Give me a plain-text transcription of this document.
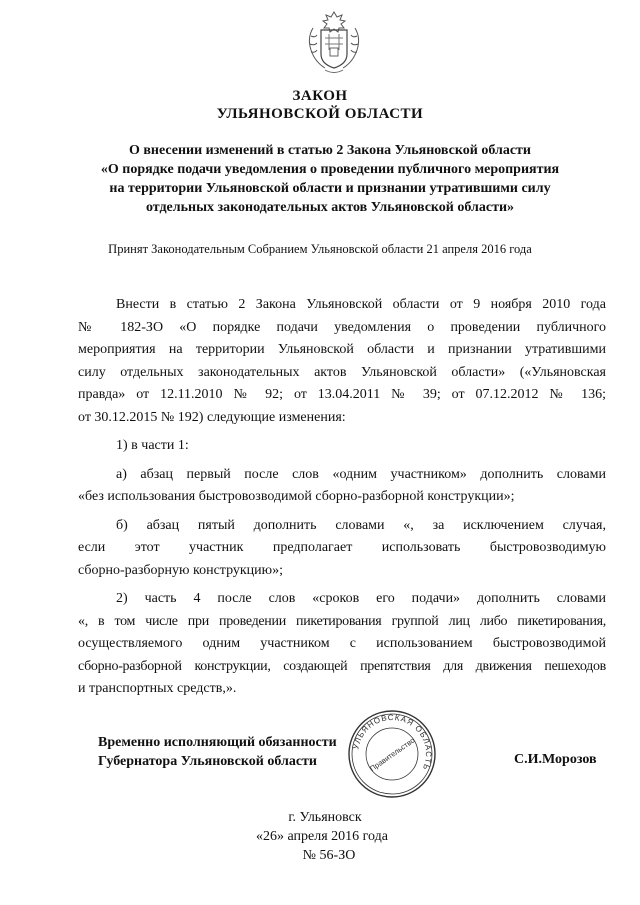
ЗАКОН
УЛЬЯНОВСКОЙ ОБЛАСТИ
О внесении изменений в статью 2 Закона Ульяновской области
«О порядке подачи уведомления о проведении публичного мероприятия
на территории Ульяновской области и признании утратившими силу
отдельных законодательных актов Ульяновской области»
Принят Законодательным Собранием Ульяновской области 21 апреля 2016 года

Внести в статью 2 Закона Ульяновской области от 9 ноября 2010 года
№ 182-ЗО «О порядке подачи уведомления о проведении публичного
мероприятия на территории Ульяновской области и признании утратившими
силу отдельных законодательных актов Ульяновской области» («Ульяновская
правда» от 12.11.2010 № 92; от 13.04.2011 № 39; от 07.12.2012 № 136;
от 30.12.2015 № 192) следующие изменения:

1) в части 1:

а) абзац первый после слов «одним участником» дополнить словами
«без использования быстровозводимой сборно-разборной конструкции»;

б) абзац пятый дополнить словами «, за исключением случая,
если этот участник предполагает использовать быстровозводимую
сборно-разборную конструкцию»;

2) часть 4 после слов «сроков его подачи» дополнить словами
«, в том числе при проведении пикетирования группой лиц либо пикетирования,
осуществляемого одним участником с использованием быстровозводимой
сборно-разборной конструкции, создающей препятствия для движения пешеходов
и транспортных средств,».

УЛЬЯНОВСКАЯ ОБЛАСТЬ
Правительство
Временно исполняющий обязанности
Губернатора Ульяновской области	С.И.Морозов
г. Ульяновск
«26» апреля 2016 года
№ 56-ЗО
